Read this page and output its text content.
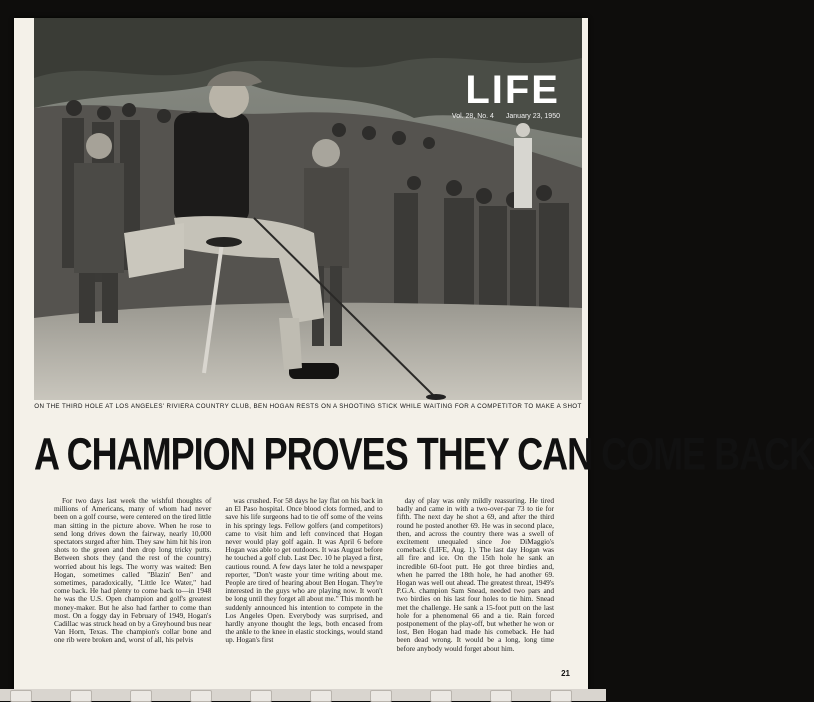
LIFE
Vol. 28, No. 4 January 23, 1950
ON THE THIRD HOLE AT LOS ANGELES' RIVIERA COUNTRY CLUB, BEN HOGAN RESTS ON A SHOOTING STICK WHILE WAITING FOR A COMPETITOR TO MAKE A SHOT
A CHAMPION PROVES THEY CAN COME BACK

For two days last week the wishful thoughts of millions of Americans, many of whom had never been on a golf course, were centered on the tired little man sitting in the picture above. When he rose to send long drives down the fairway, nearly 10,000 spectators surged after him. They saw him hit his iron shots to the green and then drop long tricky putts. Between shots they (and the rest of the country) worried about his legs. The worry was waited: Ben Hogan, sometimes called "Blazin' Ben" and sometimes, paradoxically, "Little Ice Water," had come back. He had plenty to come back to—in 1948 he was the U.S. Open champion and golf's greatest money-maker. But he also had farther to come than most. On a foggy day in February of 1949, Hogan's Cadillac was struck head on by a Greyhound bus near Van Horn, Texas. The champion's collar bone and one rib were broken and, worst of all, his pelvis

was crushed. For 58 days he lay flat on his back in an El Paso hospital. Once blood clots formed, and to save his life surgeons had to tie off some of the veins in his springy legs. Fellow golfers (and competitors) came to visit him and left convinced that Hogan never would play golf again. It was April 6 before Hogan was able to get outdoors. It was August before he touched a golf club. Last Dec. 10 he played a first, cautious round. A few days later he told a newspaper reporter, "Don't waste your time writing about me. People are tired of hearing about Ben Hogan. They're interested in the guys who are playing now. It won't be long until they forget all about me." This month he suddenly announced his intention to compete in the Los Angeles Open. Everybody was surprised, and hardly anyone thought the legs, both encased from the ankle to the knee in elastic stockings, would stand up. Hogan's first

day of play was only mildly reassuring. He tired badly and came in with a two-over-par 73 to tie for fifth. The next day he shot a 69, and after the third round he posted another 69. He was in second place, then, and across the country there was a swell of excitement unequaled since Joe DiMaggio's comeback (LIFE, Aug. 1). The last day Hogan was all fire and ice. On the 15th hole he sank an incredible 60-foot putt. He got three birdies and, when he parred the 18th hole, he had another 69. Hogan was well out ahead. The greatest threat, 1949's P.G.A. champion Sam Snead, needed two pars and two birdies on his last four holes to tie him. Snead met the challenge. He sank a 15-foot putt on the last hole for a phenomenal 66 and a tie. Rain forced postponement of the play-off, but whether he won or lost, Ben Hogan had made his comeback. He had been dead wrong. It would be a long, long time before anybody would forget about him.

21
